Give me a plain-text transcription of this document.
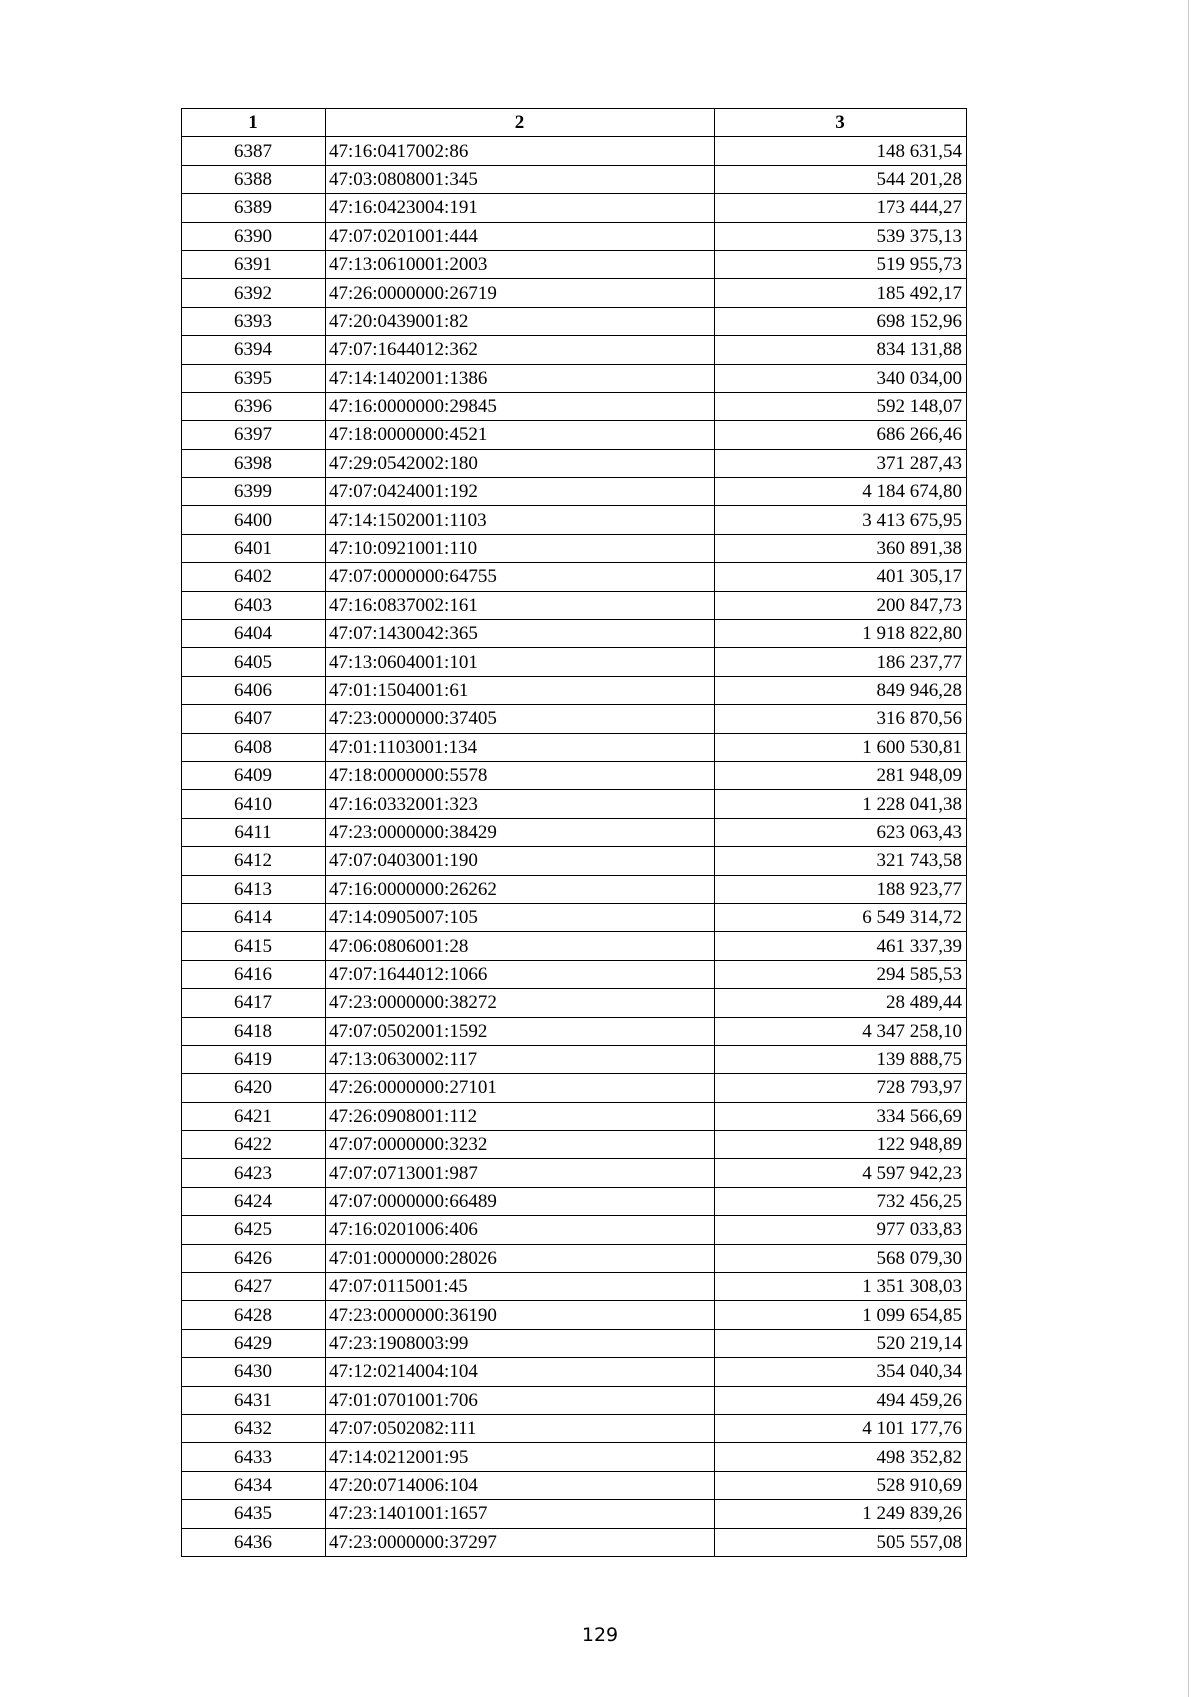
1	2	3
6387	47:16:0417002:86	148 631,54
6388	47:03:0808001:345	544 201,28
6389	47:16:0423004:191	173 444,27
6390	47:07:0201001:444	539 375,13
6391	47:13:0610001:2003	519 955,73
6392	47:26:0000000:26719	185 492,17
6393	47:20:0439001:82	698 152,96
6394	47:07:1644012:362	834 131,88
6395	47:14:1402001:1386	340 034,00
6396	47:16:0000000:29845	592 148,07
6397	47:18:0000000:4521	686 266,46
6398	47:29:0542002:180	371 287,43
6399	47:07:0424001:192	4 184 674,80
6400	47:14:1502001:1103	3 413 675,95
6401	47:10:0921001:110	360 891,38
6402	47:07:0000000:64755	401 305,17
6403	47:16:0837002:161	200 847,73
6404	47:07:1430042:365	1 918 822,80
6405	47:13:0604001:101	186 237,77
6406	47:01:1504001:61	849 946,28
6407	47:23:0000000:37405	316 870,56
6408	47:01:1103001:134	1 600 530,81
6409	47:18:0000000:5578	281 948,09
6410	47:16:0332001:323	1 228 041,38
6411	47:23:0000000:38429	623 063,43
6412	47:07:0403001:190	321 743,58
6413	47:16:0000000:26262	188 923,77
6414	47:14:0905007:105	6 549 314,72
6415	47:06:0806001:28	461 337,39
6416	47:07:1644012:1066	294 585,53
6417	47:23:0000000:38272	28 489,44
6418	47:07:0502001:1592	4 347 258,10
6419	47:13:0630002:117	139 888,75
6420	47:26:0000000:27101	728 793,97
6421	47:26:0908001:112	334 566,69
6422	47:07:0000000:3232	122 948,89
6423	47:07:0713001:987	4 597 942,23
6424	47:07:0000000:66489	732 456,25
6425	47:16:0201006:406	977 033,83
6426	47:01:0000000:28026	568 079,30
6427	47:07:0115001:45	1 351 308,03
6428	47:23:0000000:36190	1 099 654,85
6429	47:23:1908003:99	520 219,14
6430	47:12:0214004:104	354 040,34
6431	47:01:0701001:706	494 459,26
6432	47:07:0502082:111	4 101 177,76
6433	47:14:0212001:95	498 352,82
6434	47:20:0714006:104	528 910,69
6435	47:23:1401001:1657	1 249 839,26
6436	47:23:0000000:37297	505 557,08
129
